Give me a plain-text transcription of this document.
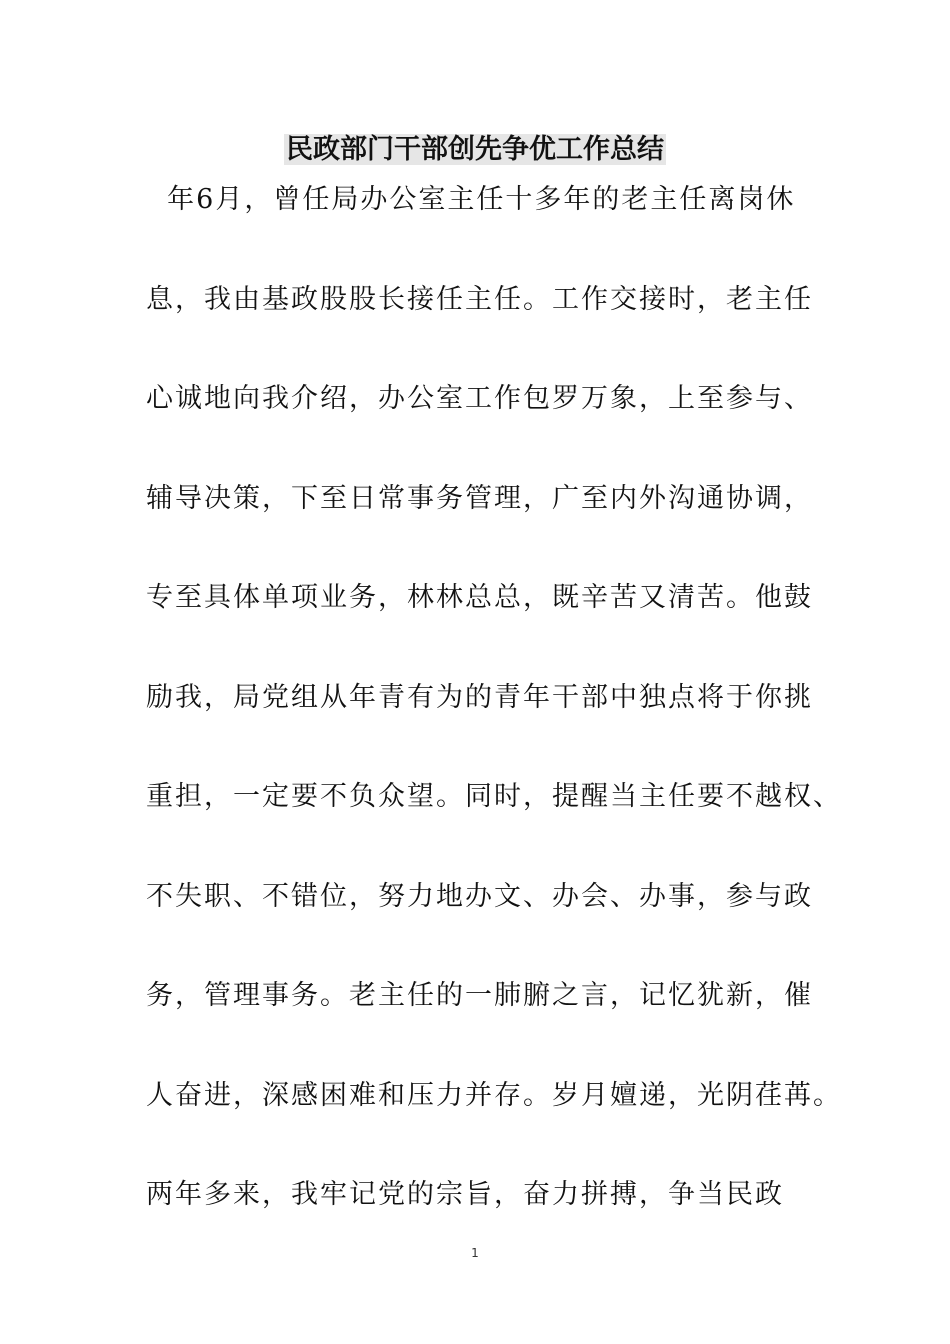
民政部门干部创先争优工作总结
年6月，曾任局办公室主任十多年的老主任离岗休
息，我由基政股股长接任主任。工作交接时，老主任
心诚地向我介绍，办公室工作包罗万象，上至参与、
辅导决策，下至日常事务管理，广至内外沟通协调，
专至具体单项业务，林林总总，既辛苦又清苦。他鼓
励我，局党组从年青有为的青年干部中独点将于你挑
重担，一定要不负众望。同时，提醒当主任要不越权、
不失职、不错位，努力地办文、办会、办事，参与政
务，管理事务。老主任的一肺腑之言，记忆犹新，催
人奋进，深感困难和压力并存。岁月嬗递，光阴荏苒。
两年多来，我牢记党的宗旨，奋力拼搏，争当民政
1
